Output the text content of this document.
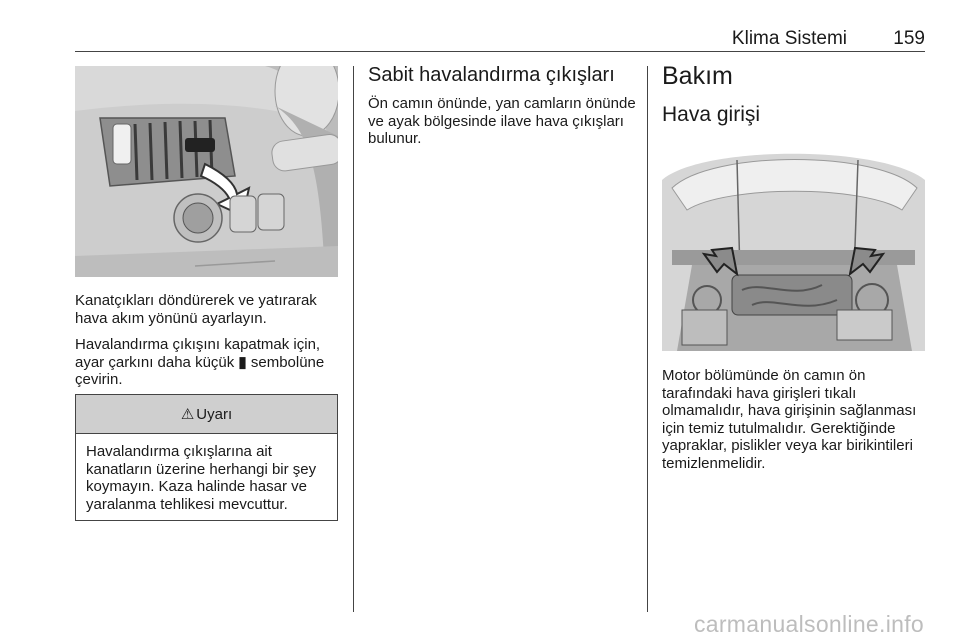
Klima Sistemi 159

Kanatçıkları döndürerek ve yatırarak hava akım yönünü ayarlayın.

Havalandırma çıkışını kapatmak için, ayar çarkını daha küçük ▮ sembolüne çevirin.

⚠ Uyarı
Havalandırma çıkışlarına ait kanatların üzerine herhangi bir şey koymayın. Kaza halinde hasar ve yaralanma tehlikesi mevcuttur.
Sabit havalandırma çıkışları

Ön camın önünde, yan camların önünde ve ayak bölgesinde ilave hava çıkışları bulunur.

Bakım
Hava girişi

Motor bölümünde ön camın ön tarafındaki hava girişleri tıkalı olmamalıdır, hava girişinin sağlanması için temiz tutulmalıdır. Gerektiğinde yapraklar, pislikler veya kar birikintileri temizlenmelidir.

carmanualsonline.info
